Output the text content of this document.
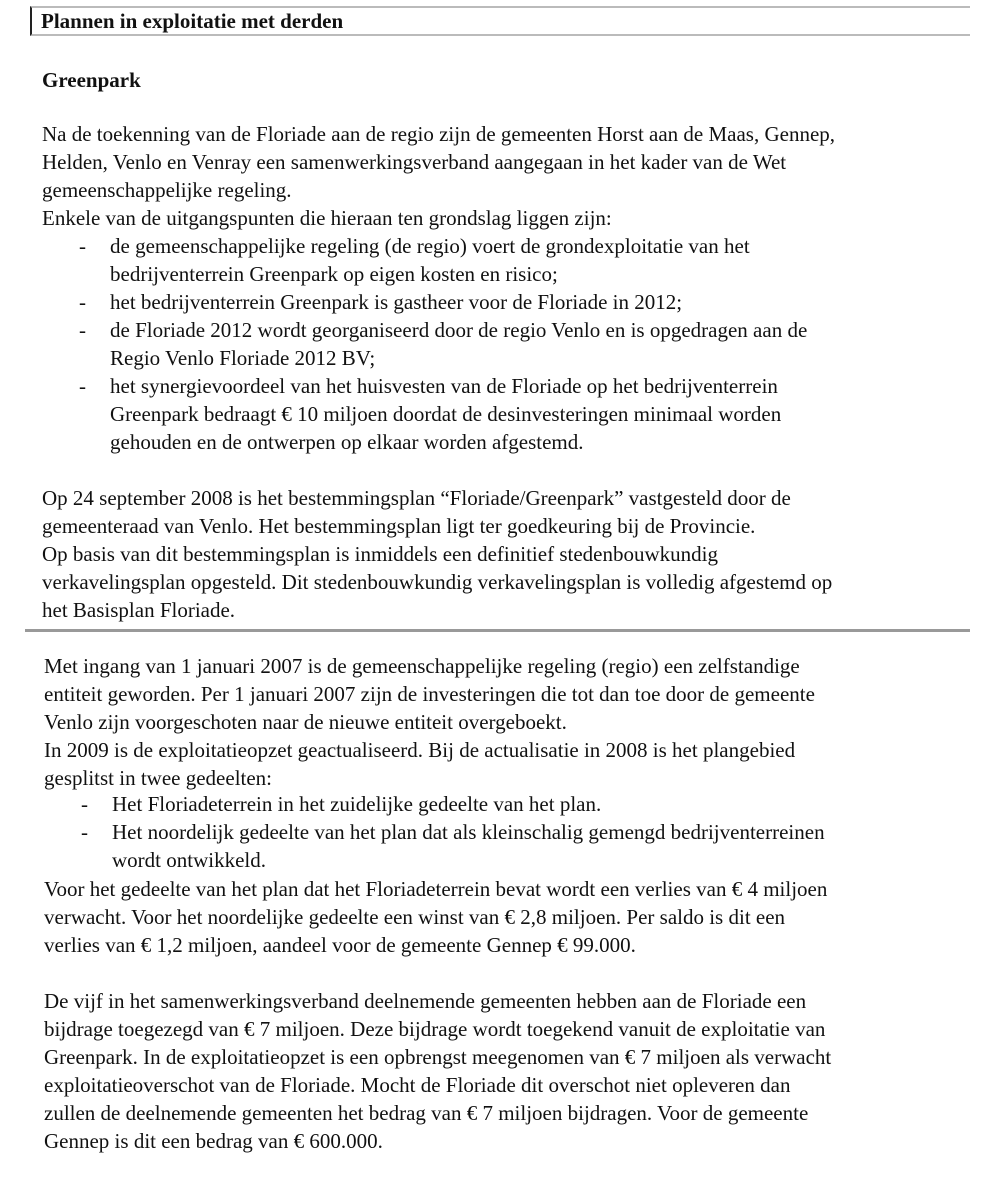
Plannen in exploitatie met derden
Greenpark

Na de toekenning van de Floriade aan de regio zijn de gemeenten Horst aan de Maas, Gennep,
Helden, Venlo en Venray een samenwerkingsverband aangegaan in het kader van de Wet
gemeenschappelijke regeling.

Enkele van de uitgangspunten die hieraan ten grondslag liggen zijn:

- de gemeenschappelijke regeling (de regio) voert de grondexploitatie van het
bedrijventerrein Greenpark op eigen kosten en risico;
- het bedrijventerrein Greenpark is gastheer voor de Floriade in 2012;
- de Floriade 2012 wordt georganiseerd door de regio Venlo en is opgedragen aan de
Regio Venlo Floriade 2012 BV;
- het synergievoordeel van het huisvesten van de Floriade op het bedrijventerrein
Greenpark bedraagt € 10 miljoen doordat de desinvesteringen minimaal worden
gehouden en de ontwerpen op elkaar worden afgestemd.

Op 24 september 2008 is het bestemmingsplan “Floriade/Greenpark” vastgesteld door de
gemeenteraad van Venlo. Het bestemmingsplan ligt ter goedkeuring bij de Provincie.
Op basis van dit bestemmingsplan is inmiddels een definitief stedenbouwkundig
verkavelingsplan opgesteld. Dit stedenbouwkundig verkavelingsplan is volledig afgestemd op
het Basisplan Floriade.

Met ingang van 1 januari 2007 is de gemeenschappelijke regeling (regio) een zelfstandige
entiteit geworden. Per 1 januari 2007 zijn de investeringen die tot dan toe door de gemeente
Venlo zijn voorgeschoten naar de nieuwe entiteit overgeboekt.
In 2009 is de exploitatieopzet geactualiseerd. Bij de actualisatie in 2008 is het plangebied
gesplitst in twee gedeelten:

- Het Floriadeterrein in het zuidelijke gedeelte van het plan.
- Het noordelijk gedeelte van het plan dat als kleinschalig gemengd bedrijventerreinen
wordt ontwikkeld.

Voor het gedeelte van het plan dat het Floriadeterrein bevat wordt een verlies van € 4 miljoen
verwacht. Voor het noordelijke gedeelte een winst van € 2,8 miljoen. Per saldo is dit een
verlies van € 1,2 miljoen, aandeel voor de gemeente Gennep € 99.000.

De vijf in het samenwerkingsverband deelnemende gemeenten hebben aan de Floriade een
bijdrage toegezegd van € 7 miljoen. Deze bijdrage wordt toegekend vanuit de exploitatie van
Greenpark. In de exploitatieopzet is een opbrengst meegenomen van € 7 miljoen als verwacht
exploitatieoverschot van de Floriade. Mocht de Floriade dit overschot niet opleveren dan
zullen de deelnemende gemeenten het bedrag van € 7 miljoen bijdragen. Voor de gemeente
Gennep is dit een bedrag van € 600.000.
